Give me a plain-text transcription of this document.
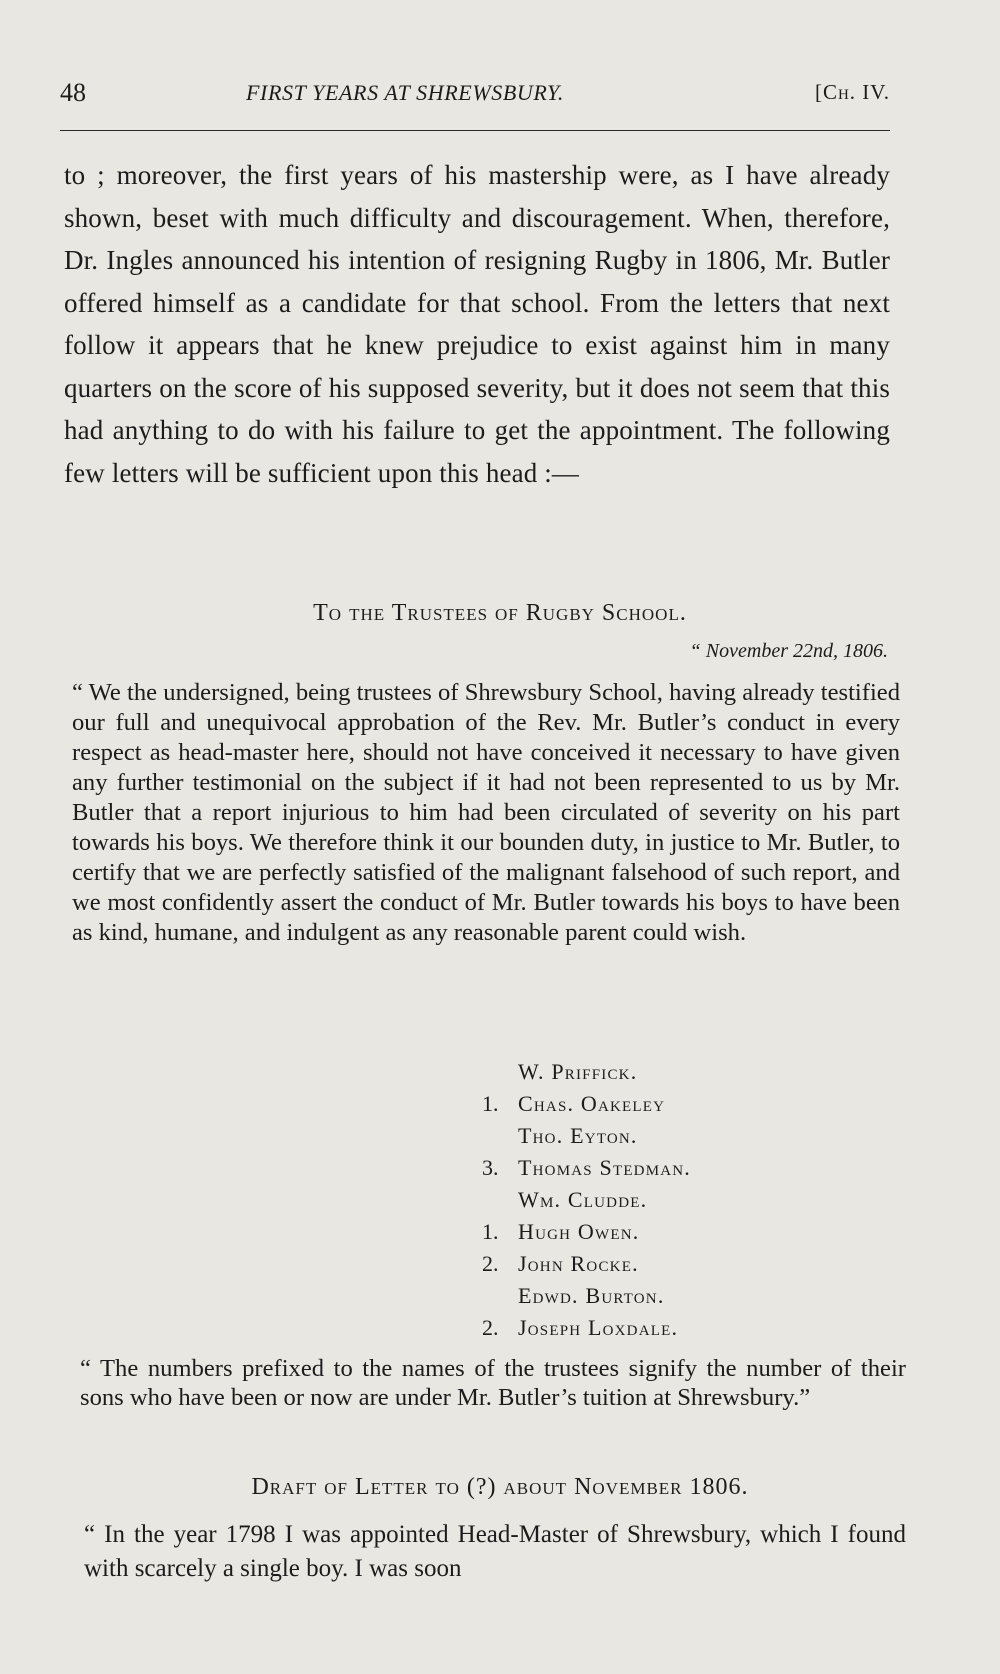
48	FIRST YEARS AT SHREWSBURY.	[Ch. IV.

to ; moreover, the first years of his mastership were, as I have already shown, beset with much difficulty and discouragement. When, therefore, Dr. Ingles announced his intention of resigning Rugby in 1806, Mr. Butler offered himself as a candidate for that school. From the letters that next follow it appears that he knew prejudice to exist against him in many quarters on the score of his supposed severity, but it does not seem that this had anything to do with his failure to get the appointment. The following few letters will be sufficient upon this head :—

To the Trustees of Rugby School.
“ November 22nd, 1806.

“ We the undersigned, being trustees of Shrewsbury School, having already testified our full and unequivocal approbation of the Rev. Mr. Butler’s conduct in every respect as head-master here, should not have conceived it necessary to have given any further testimonial on the subject if it had not been represented to us by Mr. Butler that a report injurious to him had been circulated of severity on his part towards his boys. We therefore think it our bounden duty, in justice to Mr. Butler, to certify that we are perfectly satisfied of the malignant falsehood of such report, and we most confidently assert the conduct of Mr. Butler towards his boys to have been as kind, humane, and indulgent as any reasonable parent could wish.

W. Priffick.
1. Chas. Oakeley
Tho. Eyton.
3. Thomas Stedman.
Wm. Cludde.
1. Hugh Owen.
2. John Rocke.
Edwd. Burton.
2. Joseph Loxdale.

“ The numbers prefixed to the names of the trustees signify the number of their sons who have been or now are under Mr. Butler’s tuition at Shrewsbury.”

Draft of Letter to (?) about November 1806.

“ In the year 1798 I was appointed Head-Master of Shrewsbury, which I found with scarcely a single boy. I was soon
